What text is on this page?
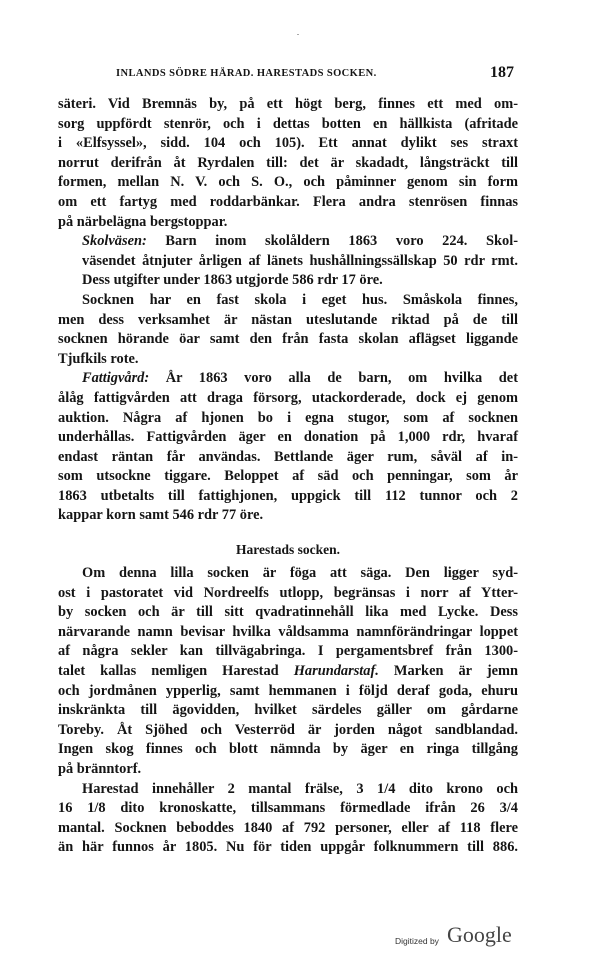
INLANDS SÖDRE HÄRAD. HARESTADS SOCKEN.	187

säteri. Vid Bremnäs by, på ett högt berg, finnes ett med om-
sorg uppfördt stenrör, och i dettas botten en hällkista (afritade
i «Elfsyssel», sidd. 104 och 105). Ett annat dylikt ses straxt
norrut derifrån åt Ryrdalen till: det är skadadt, långsträckt till
formen, mellan N. V. och S. O., och påminner genom sin form
om ett fartyg med roddarbänkar. Flera andra stenrösen finnas
på närbelägna bergstoppar.

Skolväsen: Barn inom skolåldern 1863 voro 224. Skol-
väsendet åtnjuter årligen af länets hushållningssällskap 50 rdr rmt.
Dess utgifter under 1863 utgjorde 586 rdr 17 öre.

Socknen har en fast skola i eget hus. Småskola finnes,
men dess verksamhet är nästan uteslutande riktad på de till
socknen hörande öar samt den från fasta skolan aflägset liggande
Tjufkils rote.

Fattigvård: År 1863 voro alla de barn, om hvilka det
ålåg fattigvården att draga försorg, utackorderade, dock ej genom
auktion. Några af hjonen bo i egna stugor, som af socknen
underhållas. Fattigvården äger en donation på 1,000 rdr, hvaraf
endast räntan får användas. Bettlande äger rum, såväl af in-
som utsockne tiggare. Beloppet af säd och penningar, som år
1863 utbetalts till fattighjonen, uppgick till 112 tunnor och 2
kappar korn samt 546 rdr 77 öre.

Harestads socken.

Om denna lilla socken är föga att säga. Den ligger syd-
ost i pastoratet vid Nordreelfs utlopp, begränsas i norr af Ytter-
by socken och är till sitt qvadratinnehåll lika med Lycke. Dess
närvarande namn bevisar hvilka våldsamma namnförändringar loppet
af några sekler kan tillvägabringa. I pergamentsbref från 1300-
talet kallas nemligen Harestad Harundarstaf. Marken är jemn
och jordmånen ypperlig, samt hemmanen i följd deraf goda, ehuru
inskränkta till ägovidden, hvilket särdeles gäller om gårdarne
Toreby. Åt Sjöhed och Vesterröd är jorden något sandblandad.
Ingen skog finnes och blott nämnda by äger en ringa tillgång
på bränntorf.

Harestad innehåller 2 mantal frälse, 3 1/4 dito krono och
16 1/8 dito kronoskatte, tillsammans förmedlade ifrån 26 3/4
mantal. Socknen beboddes 1840 af 792 personer, eller af 118 flere
än här funnos år 1805. Nu för tiden uppgår folknummern till 886.

Digitized by Google
